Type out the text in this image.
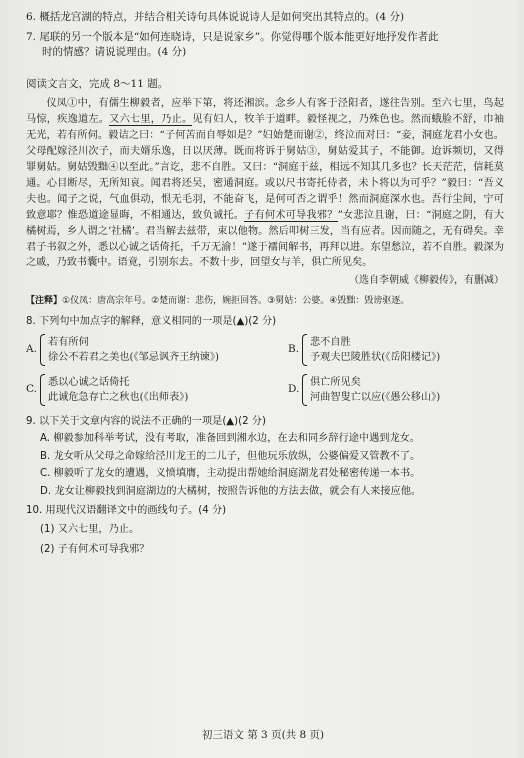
6. 概括龙宫湖的特点，并结合相关诗句具体说说诗人是如何突出其特点的。(4 分)

7. 尾联的另一个版本是“如何连晓诗，只是说家乡”。你觉得哪个版本能更好地抒发作者此

时的情感？请说说理由。(4 分)

阅读文言文，完成 8～11 题。

仪凤①中，有儒生柳毅者，应举下第，将还湘滨。念乡人有客于泾阳者，遂往告别。至六七里，鸟起马惊，疾逸道左。又六七里，乃止。见有妇人，牧羊于道畔。毅怪视之，乃殊色也。然而蛾脸不舒，巾袖无光，若有所伺。毅诘之曰：“子何苦而自辱如是？”妇始楚而谢②，终泣而对曰：“妾，洞庭龙君小女也。父母配嫁泾川次子，而夫婿乐逸，日以厌薄。既而将诉于舅姑③，舅姑爱其子，不能御。迨诉频切，又得罪舅姑。舅姑毁黜④以至此。”言讫，悲不自胜。又曰：“洞庭于兹，相远不知其几多也？长天茫茫，信耗莫通。心目断尽，无所知哀。闻君将还吴，密通洞庭。或以尺书寄托侍者，未卜将以为可乎？”毅曰：“吾义夫也。闻子之说，气血俱动，恨无毛羽，不能奋飞，是何可否之谓乎！然而洞庭深水也。吾行尘间，宁可致意耶？惟恐道途显晦，不相通达，致负诚托。子有何术可导我邪？”女悲泣且谢，曰：“洞庭之阴，有大橘树焉，乡人谓之‘社橘’。君当解去兹带，束以他物。然后叩树三发，当有应者。因而随之，无有碍矣。幸君子书叙之外，悉以心诚之话倚托，千万无渝！”遂于襦间解书，再拜以进。东望愁泣，若不自胜。毅深为之戚，乃致书囊中。语竟，引别东去。不数十步，回望女与羊，俱亡所见矣。

（选自李朝威《柳毅传》，有删减）
【注释】①仪凤：唐高宗年号。②楚而谢：悲伤，婉拒回答。③舅姑：公婆。④毁黜：毁谤驱逐。

8. 下列句中加点字的解释，意义相同的一项是(▲)(2 分)

A.
若有所伺
徐公不若君之美也(《邹忌讽齐王纳谏》)
B.
悲不自胜
予观夫巴陵胜状(《岳阳楼记》)
C.
悉以心诚之话倚托
此诚危急存亡之秋也(《出师表》)
D.
俱亡所见矣
河曲智叟亡以应(《愚公移山》)

9. 以下关于文章内容的说法不正确的一项是(▲)(2 分)

A. 柳毅参加科举考试，没有考取，准备回到湘水边，在去和同乡辞行途中遇到龙女。

B. 龙女听从父母之命嫁给泾川龙王的二儿子，但他玩乐放纵，公婆偏爱又管教不了。

C. 柳毅听了龙女的遭遇，义愤填膺，主动提出帮她给洞庭湖龙君处秘密传递一本书。

D. 龙女让柳毅找到洞庭湖边的大橘树，按照告诉他的方法去做，就会有人来接应他。

10. 用现代汉语翻译文中的画线句子。(4 分)

(1) 又六七里，乃止。

(2) 子有何术可导我邪？

初三语文 第 3 页(共 8 页)
